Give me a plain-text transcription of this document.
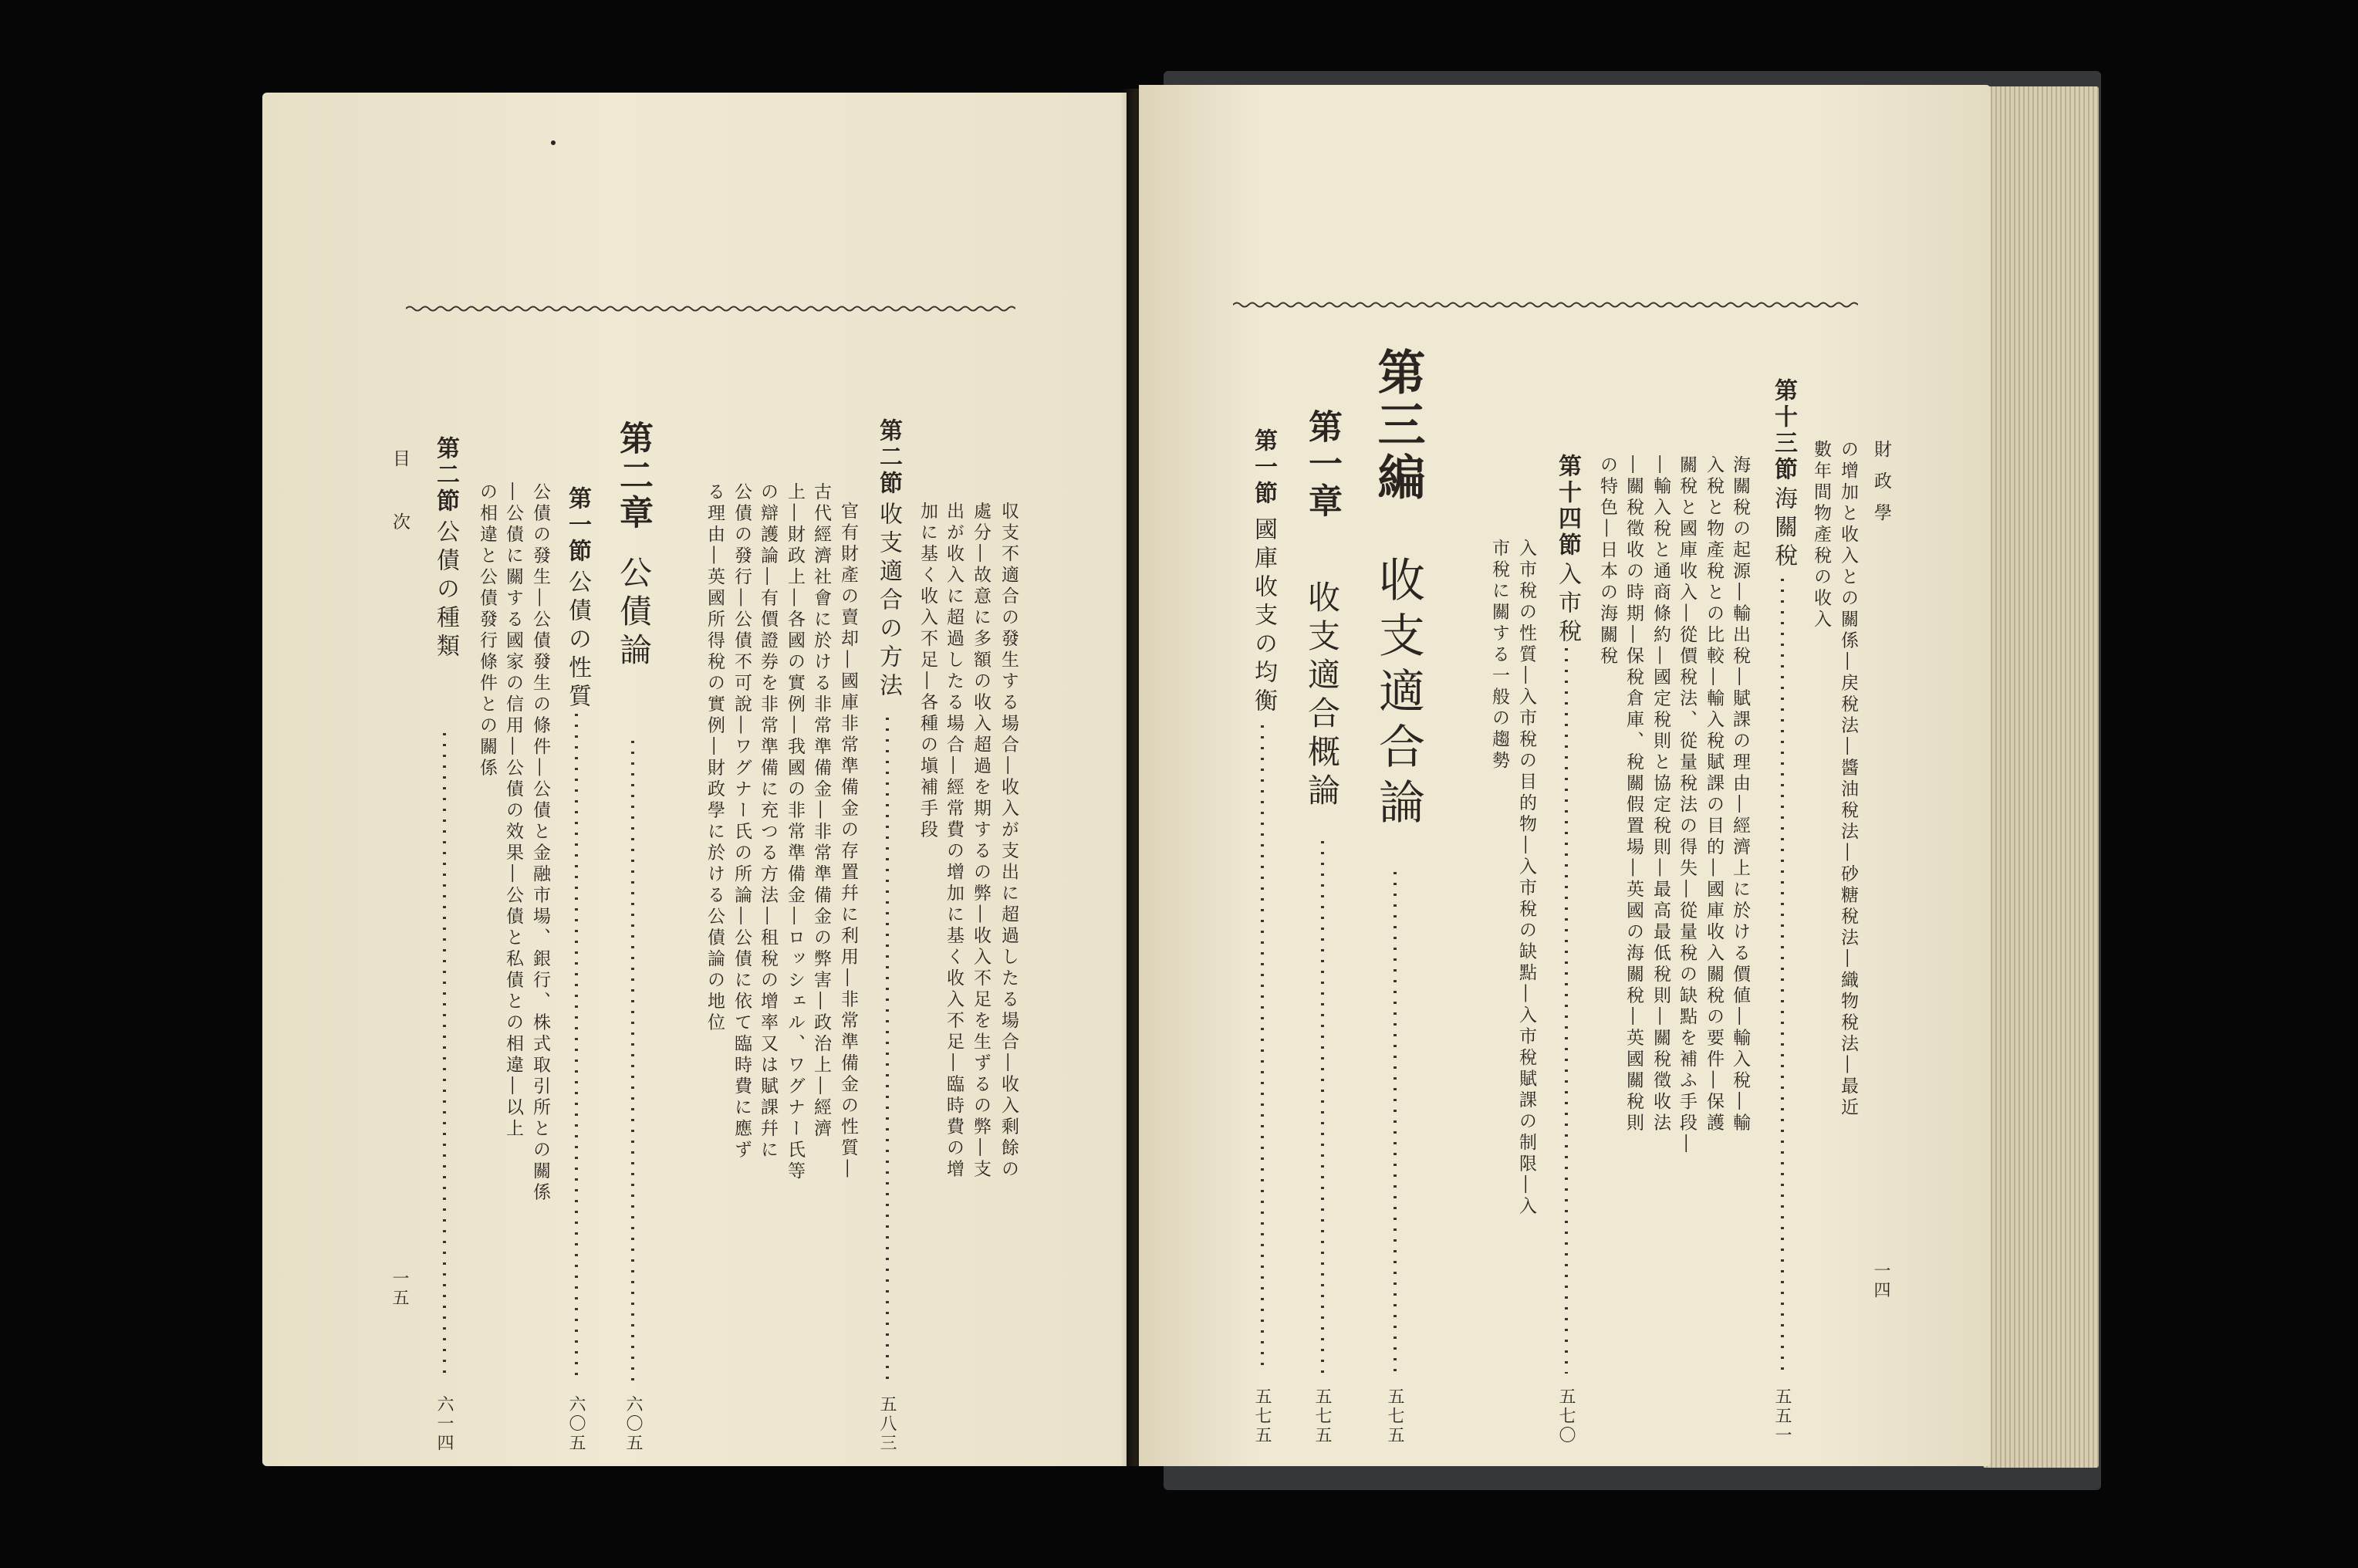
収支不適合の發生する場合―收入が支出に超過したる場合―收入剩餘の
處分―故意に多額の收入超過を期するの弊―收入不足を生ずるの弊―支
出が收入に超過したる場合―經常費の增加に基く收入不足―臨時費の增
加に基く收入不足―各種の塡補手段
第二節
收支適合の方法
五八三
官有財產の賣却―國庫非常準備金の存置幷に利用―非常準備金の性質―
古代經濟社會に於ける非常準備金―非常準備金の弊害―政治上―經濟
上―財政上―各國の實例―我國の非常準備金―ロッシェル、ワグナー氏等
の辯護論―有價證券を非常準備に充つる方法―租稅の增率又は賦課幷に
公債の發行―公債不可說―ワグナー氏の所論―公債に依て臨時費に應ず
る理由―英國所得稅の實例―財政學に於ける公債論の地位
第二章
公債論
六〇五
第一節
公債の性質
六〇五
公債の發生―公債發生の條件―公債と金融市場、銀行、株式取引所との關係
―公債に關する國家の信用―公債の效果―公債と私債との相違―以上
の相違と公債發行條件との關係
第二節
公債の種類
六一四
目　次
一五
財政學
一四
の增加と收入との關係―戻稅法―醬油稅法―砂糖稅法―織物稅法―最近
數年間物產稅の收入
第十三節
海關稅
五五一
海關稅の起源―輸出稅―賦課の理由―經濟上に於ける價値―輸入稅―輸
入稅と物產稅との比較―輸入稅賦課の目的―國庫收入關稅の要件―保護
關稅と國庫收入―從價稅法、從量稅法の得失―從量稅の缺點を補ふ手段―
―輸入稅と通商條約―國定稅則と協定稅則―最高最低稅則―關稅徵收法
―關稅徵收の時期―保稅倉庫、稅關假置場―英國の海關稅―英國關稅則
の特色―日本の海關稅
第十四節
入市稅
五七〇
入市稅の性質―入市稅の目的物―入市稅の缺點―入市稅賦課の制限―入
市稅に關する一般の趨勢
第三編
收支適合論
五七五
第一章
收支適合概論
五七五
第一節
國庫收支の均衡
五七五
